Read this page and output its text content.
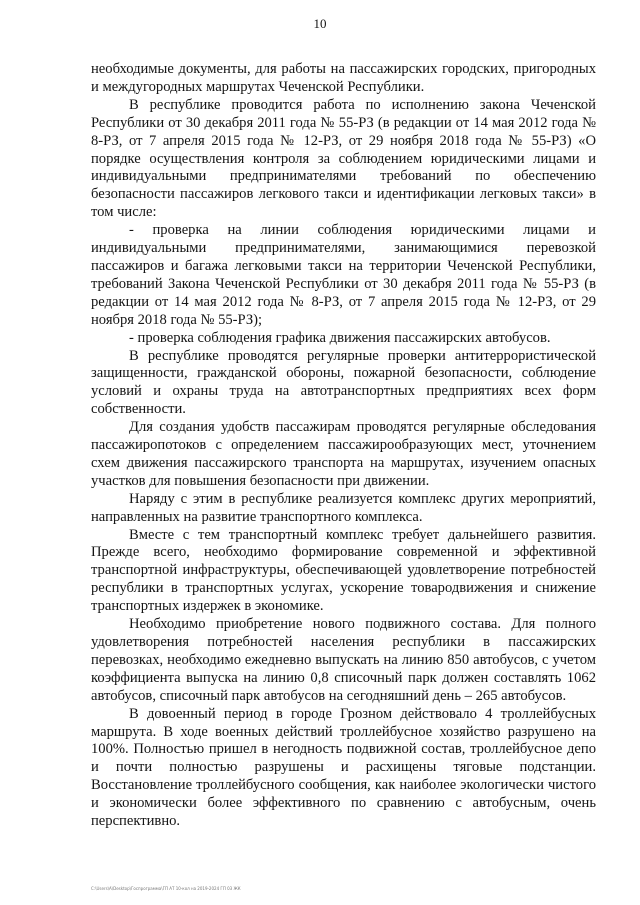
10

необходимые документы, для работы на пассажирских городских, пригородных и междугородных маршрутах Чеченской Республики.

В республике проводится работа по исполнению закона Чеченской Республики от 30 декабря 2011 года № 55-РЗ (в редакции от 14 мая 2012 года № 8-РЗ, от 7 апреля 2015 года № 12-РЗ, от 29 ноября 2018 года № 55-РЗ) «О порядке осуществления контроля за соблюдением юридическими лицами и индивидуальными предпринимателями требований по обеспечению безопасности пассажиров легкового такси и идентификации легковых такси» в том числе:

- проверка на линии соблюдения юридическими лицами и индивидуальными предпринимателями, занимающимися перевозкой пассажиров и багажа легковыми такси на территории Чеченской Республики, требований Закона Чеченской Республики от 30 декабря 2011 года № 55-РЗ (в редакции от 14 мая 2012 года № 8-РЗ, от 7 апреля 2015 года № 12-РЗ, от 29 ноября 2018 года № 55-РЗ);

- проверка соблюдения графика движения пассажирских автобусов.

В республике проводятся регулярные проверки антитеррористической защищенности, гражданской обороны, пожарной безопасности, соблюдение условий и охраны труда на автотранспортных предприятиях всех форм собственности.

Для создания удобств пассажирам проводятся регулярные обследования пассажиропотоков с определением пассажирообразующих мест, уточнением схем движения пассажирского транспорта на маршрутах, изучением опасных участков для повышения безопасности при движении.

Наряду с этим в республике реализуется комплекс других мероприятий, направленных на развитие транспортного комплекса.

Вместе с тем транспортный комплекс требует дальнейшего развития. Прежде всего, необходимо формирование современной и эффективной транспортной инфраструктуры, обеспечивающей удовлетворение потребностей республики в транспортных услугах, ускорение товародвижения и снижение транспортных издержек в экономике.

Необходимо приобретение нового подвижного состава. Для полного удовлетворения потребностей населения республики в пассажирских перевозках, необходимо ежедневно выпускать на линию 850 автобусов, с учетом коэффициента выпуска на линию 0,8 списочный парк должен составлять 1062 автобусов, списочный парк автобусов на сегодняшний день – 265 автобусов.

В довоенный период в городе Грозном действовало 4 троллейбусных маршрута. В ходе военных действий троллейбусное хозяйство разрушено на 100%. Полностью пришел в негодность подвижной состав, троллейбусное депо и почти полностью разрушены и расхищены тяговые подстанции. Восстановление троллейбусного сообщения, как наиболее экологически чистого и экономически более эффективного по сравнению с автобусным, очень перспективно.

C:\Users\A\Desktop\Госпрограмма\ГП АТ 10-кол на 2019-2024 ГП 03 ЖК
